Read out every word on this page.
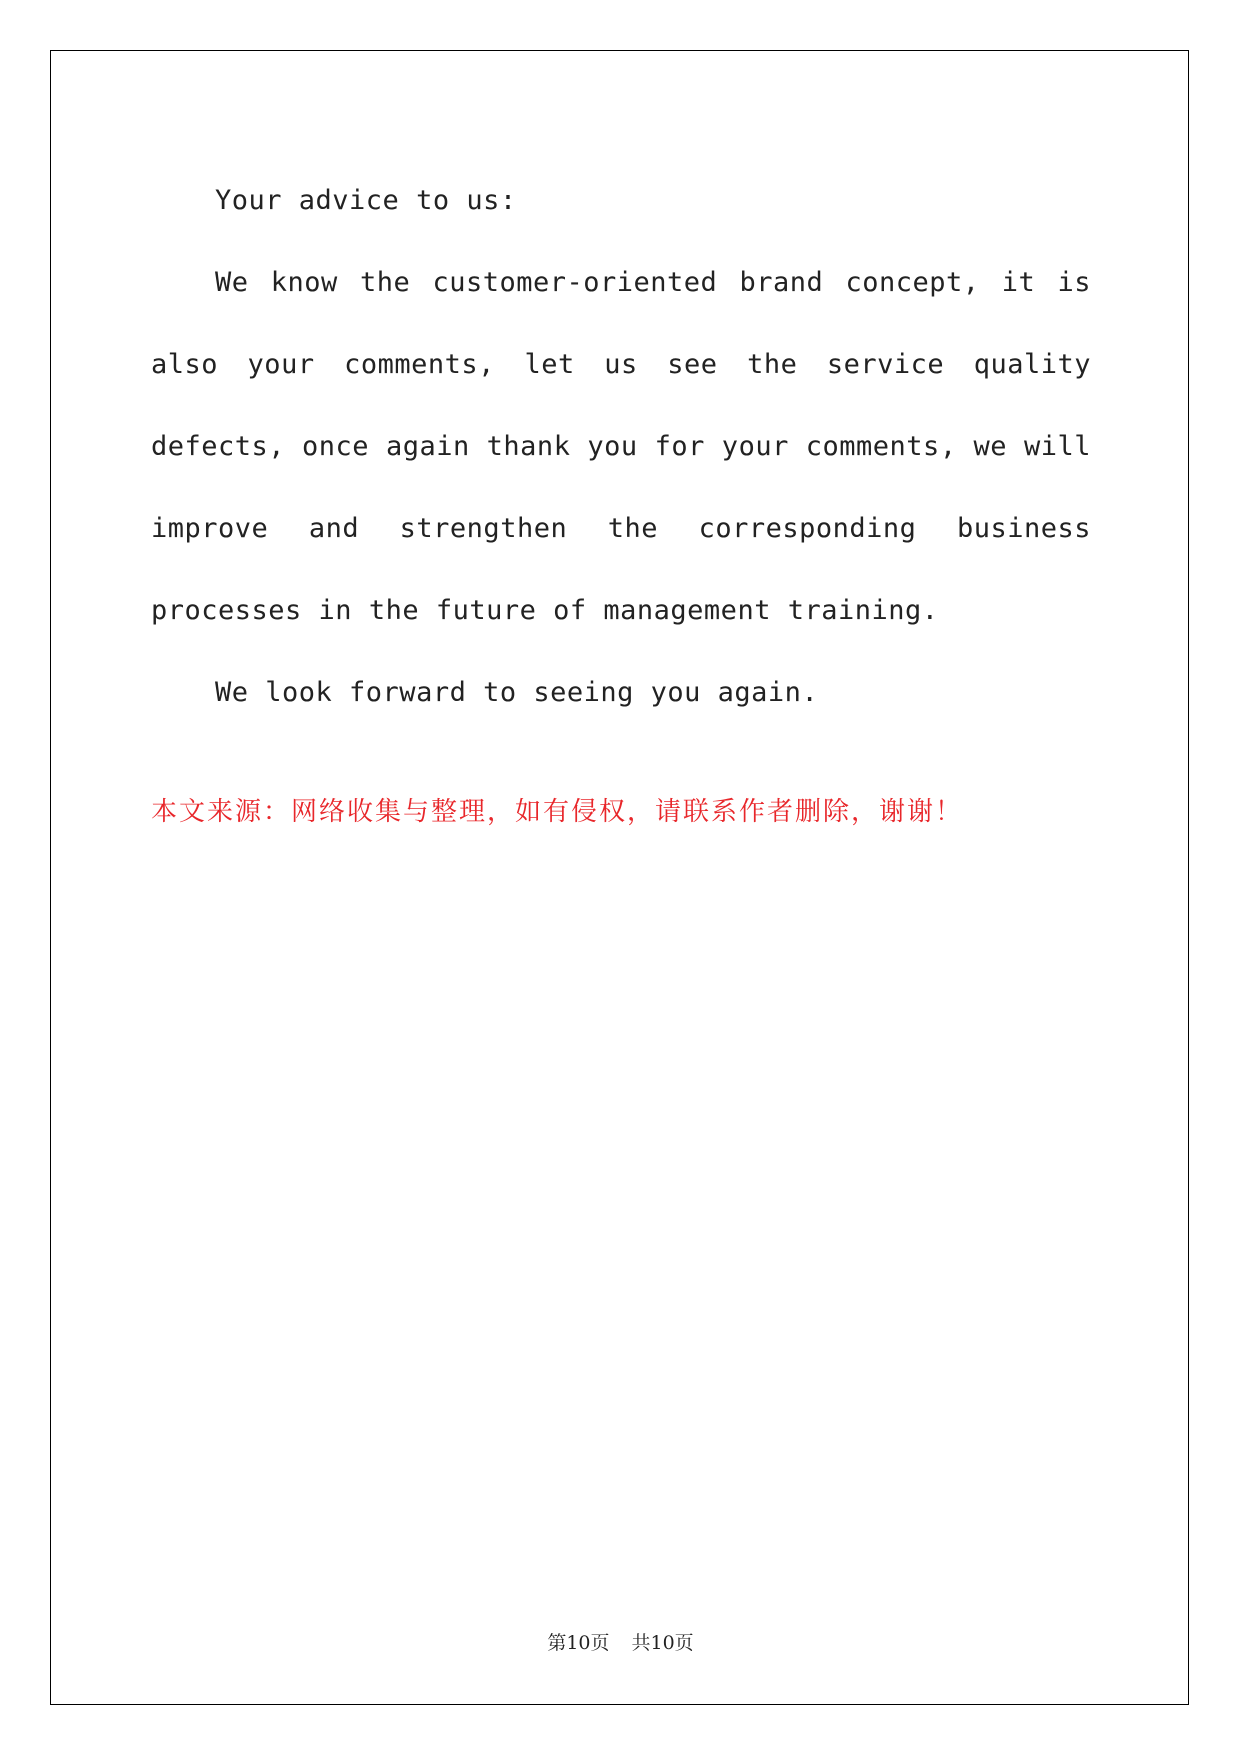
Your advice to us:

We know the customer-oriented brand concept, it is also your comments, let us see the service quality defects, once again thank you for your comments, we will improve and strengthen the corresponding business processes in the future of management training.

We look forward to seeing you again.

本文来源：网络收集与整理，如有侵权，请联系作者删除，谢谢！

第10页 共10页
